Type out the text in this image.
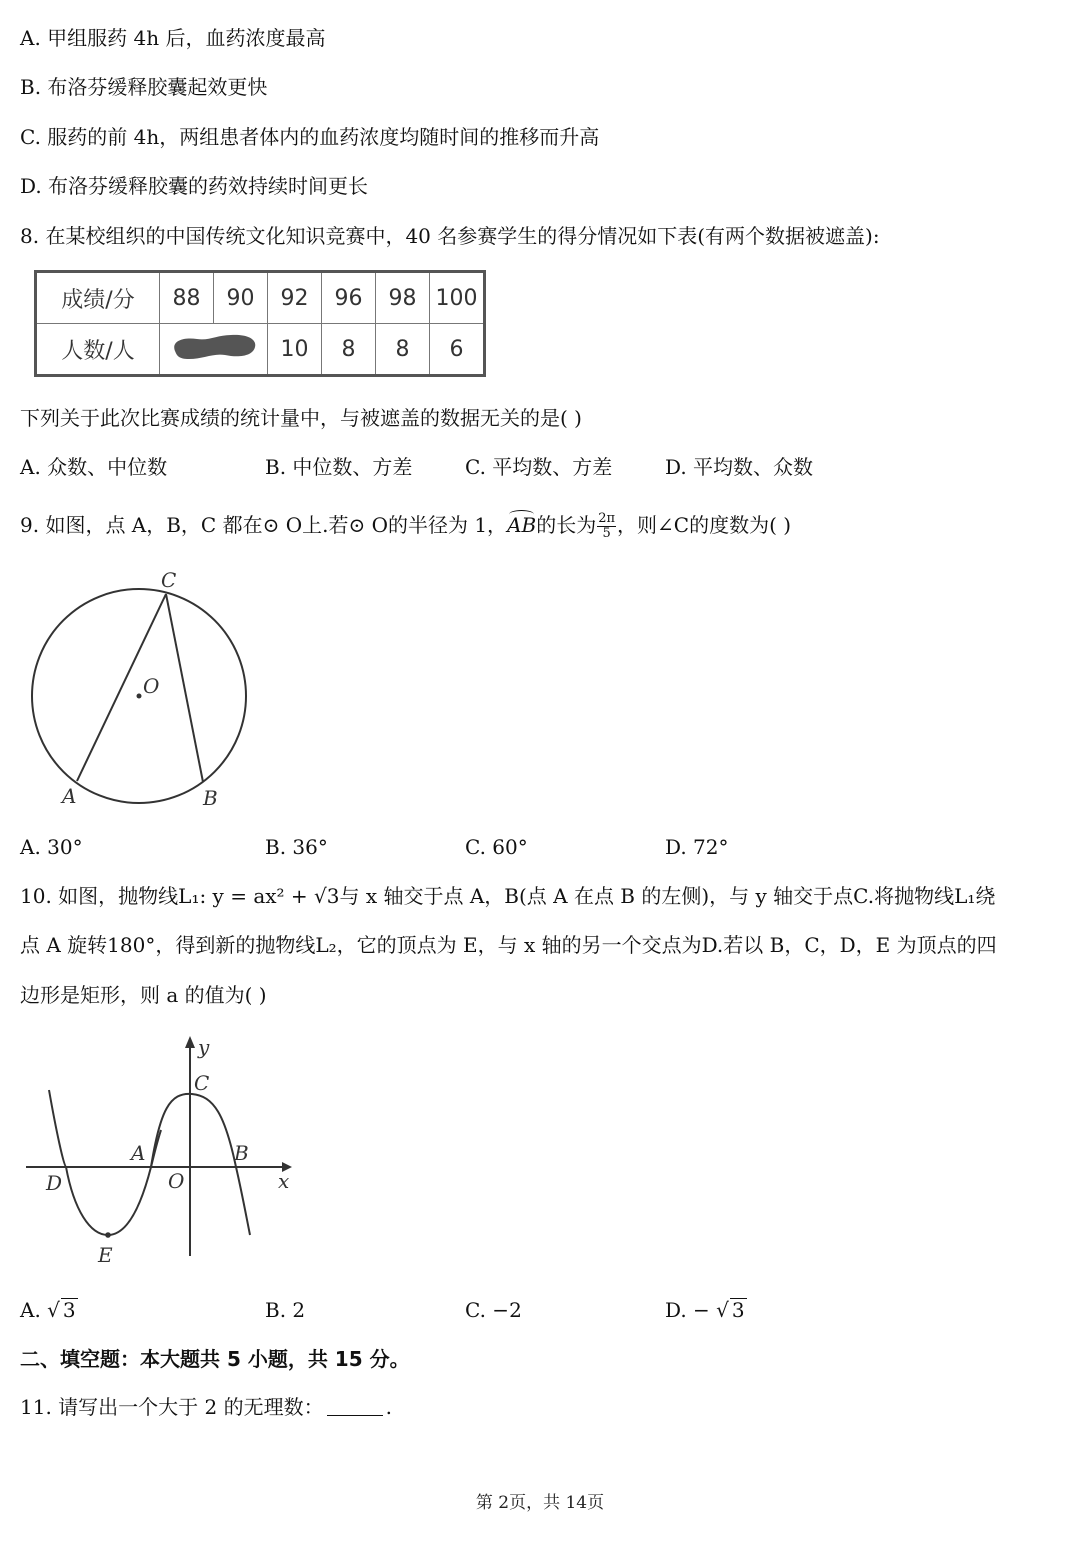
A. 甲组服药 4h 后，血药浓度最高
B. 布洛芬缓释胶囊起效更快
C. 服药的前 4h，两组患者体内的血药浓度均随时间的推移而升高
D. 布洛芬缓释胶囊的药效持续时间更长
8. 在某校组织的中国传统文化知识竞赛中，40 名参赛学生的得分情况如下表(有两个数据被遮盖):
成绩/分	88	90	92	96	98	100
人数/人			10	8	8	6
下列关于此次比赛成绩的统计量中，与被遮盖的数据无关的是( )
A. 众数、中位数	B. 中位数、方差	C. 平均数、方差	D. 平均数、众数
9. 如图，点 A，B，C 都在⊙ O上.若⊙ O的半径为 1，AB的长为 $\frac{2\pi}{5}$ ，则∠C的度数为( )
C
O
A	B
A. 30°	B. 36°	C. 60°	D. 72°
10. 如图，抛物线L₁: y = ax² + √3与 x 轴交于点 A，B(点 A 在点 B 的左侧)，与 y 轴交于点C.将抛物线L₁绕
点 A 旋转180°，得到新的抛物线L₂，它的顶点为 E，与 x 轴的另一个交点为D.若以 B，C，D，E 为顶点的四
边形是矩形，则 a 的值为( )
y
C
A	B
D	O	x
E
A. √ 3	B. 2	C. −2	D. − √ 3
二、填空题：本大题共 5 小题，共 15 分。
11. 请写出一个大于 2 的无理数：	.
第 2页，共 14页
